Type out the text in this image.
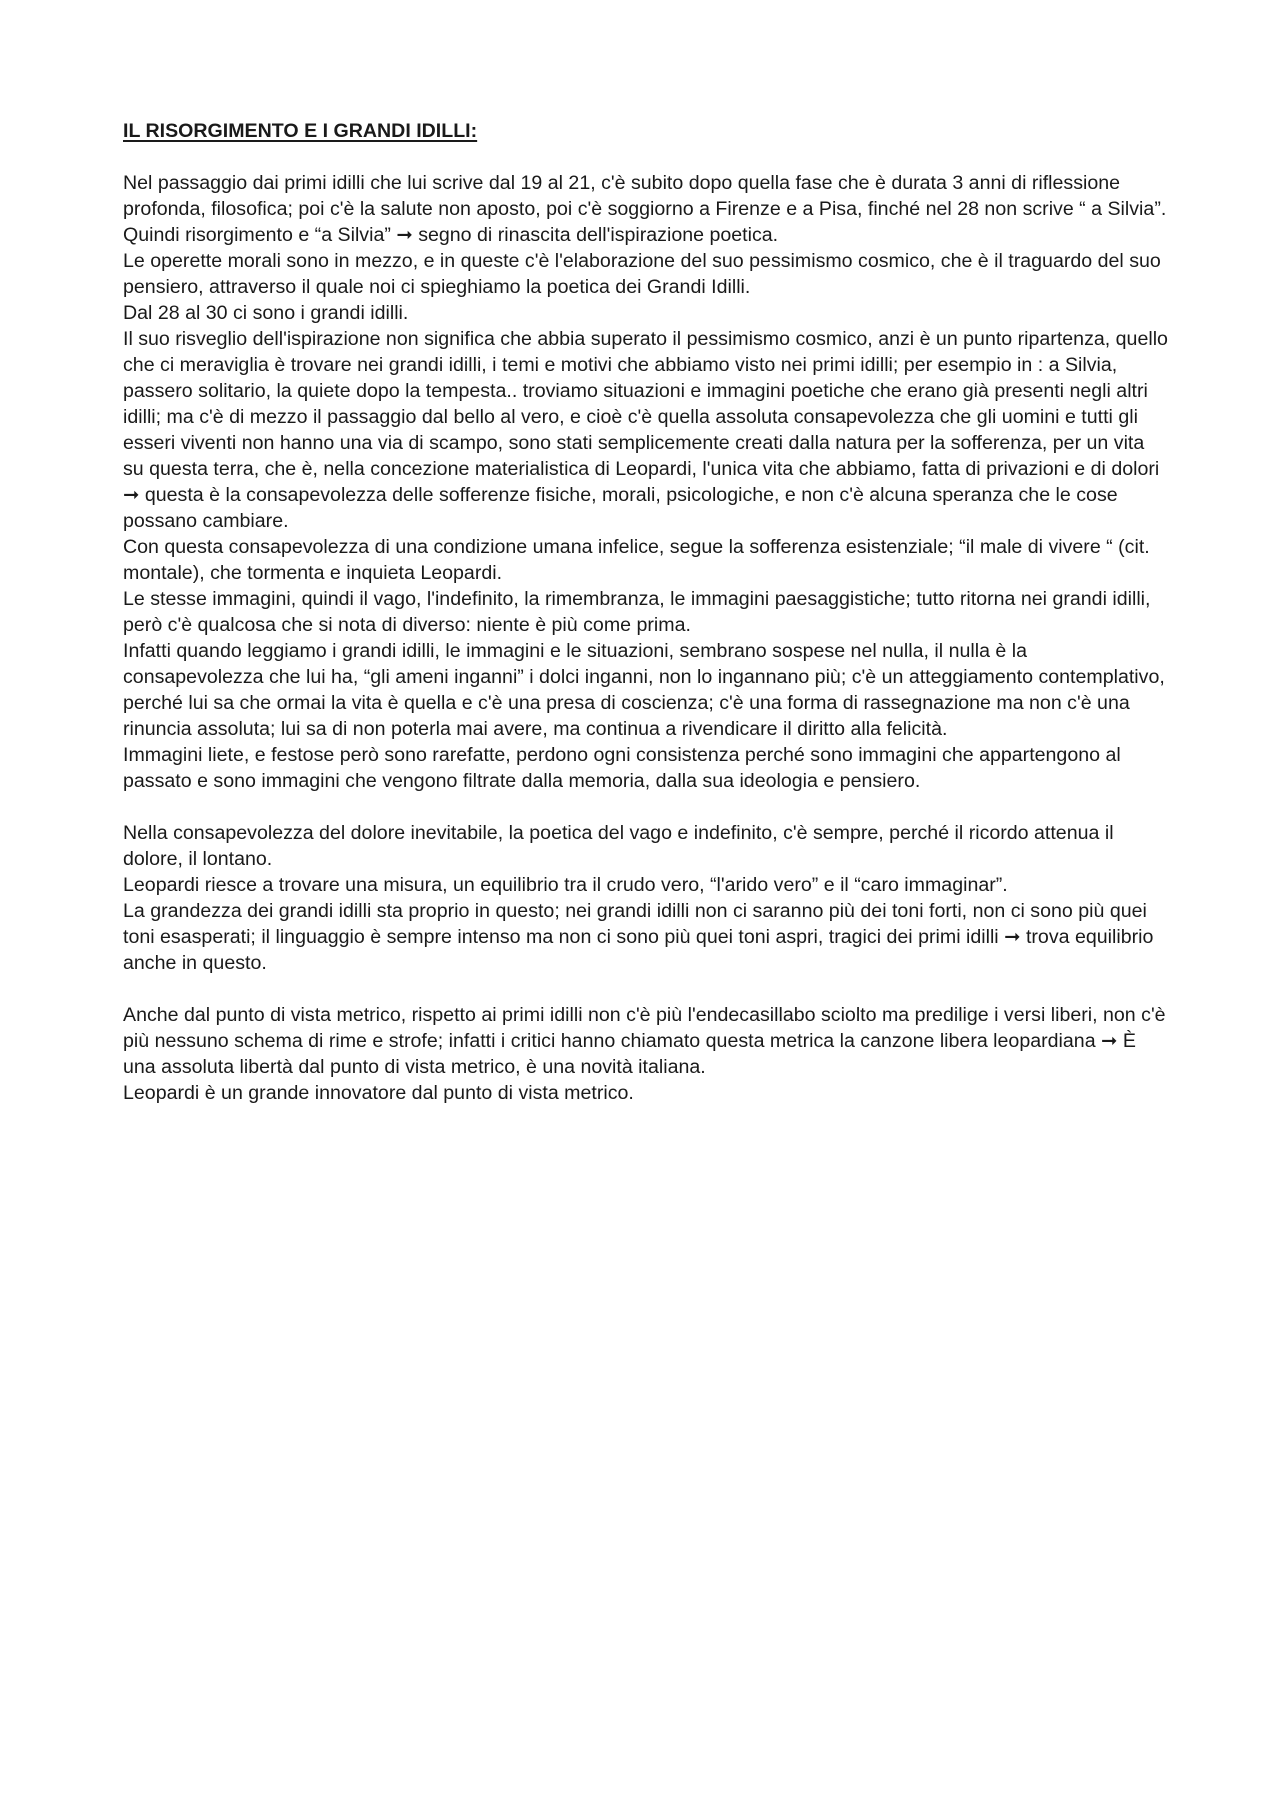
IL RISORGIMENTO E I GRANDI IDILLI:

Nel passaggio dai primi idilli che lui scrive dal 19 al 21, c'è subito dopo quella fase che è durata 3 anni di riflessione profonda, filosofica; poi c'è la salute non aposto, poi c'è soggiorno a Firenze e a Pisa, finché nel 28 non scrive “ a Silvia”.

Quindi risorgimento e “a Silvia” ➞ segno di rinascita dell'ispirazione poetica.

Le operette morali sono in mezzo, e in queste c'è l'elaborazione del suo pessimismo cosmico, che è il traguardo del suo pensiero, attraverso il quale noi ci spieghiamo la poetica dei Grandi Idilli.

Dal 28 al 30 ci sono i grandi idilli.

Il suo risveglio dell'ispirazione non significa che abbia superato il pessimismo cosmico, anzi è un punto ripartenza, quello che ci meraviglia è trovare nei grandi idilli, i temi e motivi che abbiamo visto nei primi idilli; per esempio in : a Silvia, passero solitario, la quiete dopo la tempesta.. troviamo situazioni e immagini poetiche che erano già presenti negli altri idilli; ma c'è di mezzo il passaggio dal bello al vero, e cioè c'è quella assoluta consapevolezza che gli uomini e tutti gli esseri viventi non hanno una via di scampo, sono stati semplicemente creati dalla natura per la sofferenza, per un vita su questa terra, che è, nella concezione materialistica di Leopardi, l'unica vita che abbiamo, fatta di privazioni e di dolori ➞ questa è la consapevolezza delle sofferenze fisiche, morali, psicologiche, e non c'è alcuna speranza che le cose possano cambiare.

Con questa consapevolezza di una condizione umana infelice, segue la sofferenza esistenziale; “il male di vivere “ (cit. montale), che tormenta e inquieta Leopardi.

Le stesse immagini, quindi il vago, l'indefinito, la rimembranza, le immagini paesaggistiche; tutto ritorna nei grandi idilli, però c'è qualcosa che si nota di diverso: niente è più come prima.

Infatti quando leggiamo i grandi idilli, le immagini e le situazioni, sembrano sospese nel nulla, il nulla è la consapevolezza che lui ha, “gli ameni inganni” i dolci inganni, non lo ingannano più; c'è un atteggiamento contemplativo, perché lui sa che ormai la vita è quella e c'è una presa di coscienza; c'è una forma di rassegnazione ma non c'è una rinuncia assoluta; lui sa di non poterla mai avere, ma continua a rivendicare il diritto alla felicità.

Immagini liete, e festose però sono rarefatte, perdono ogni consistenza perché sono immagini che appartengono al passato e sono immagini che vengono filtrate dalla memoria, dalla sua ideologia e pensiero.

Nella consapevolezza del dolore inevitabile, la poetica del vago e indefinito, c'è sempre, perché il ricordo attenua il dolore, il lontano.

Leopardi riesce a trovare una misura, un equilibrio tra il crudo vero, “l'arido vero” e il “caro immaginar”.

La grandezza dei grandi idilli sta proprio in questo; nei grandi idilli non ci saranno più dei toni forti, non ci sono più quei toni esasperati; il linguaggio è sempre intenso ma non ci sono più quei toni aspri, tragici dei primi idilli ➞ trova equilibrio anche in questo.

Anche dal punto di vista metrico, rispetto ai primi idilli non c'è più l'endecasillabo sciolto ma predilige i versi liberi, non c'è più nessuno schema di rime e strofe; infatti i critici hanno chiamato questa metrica la canzone libera leopardiana ➞ È una assoluta libertà dal punto di vista metrico, è una novità italiana.

Leopardi è un grande innovatore dal punto di vista metrico.
